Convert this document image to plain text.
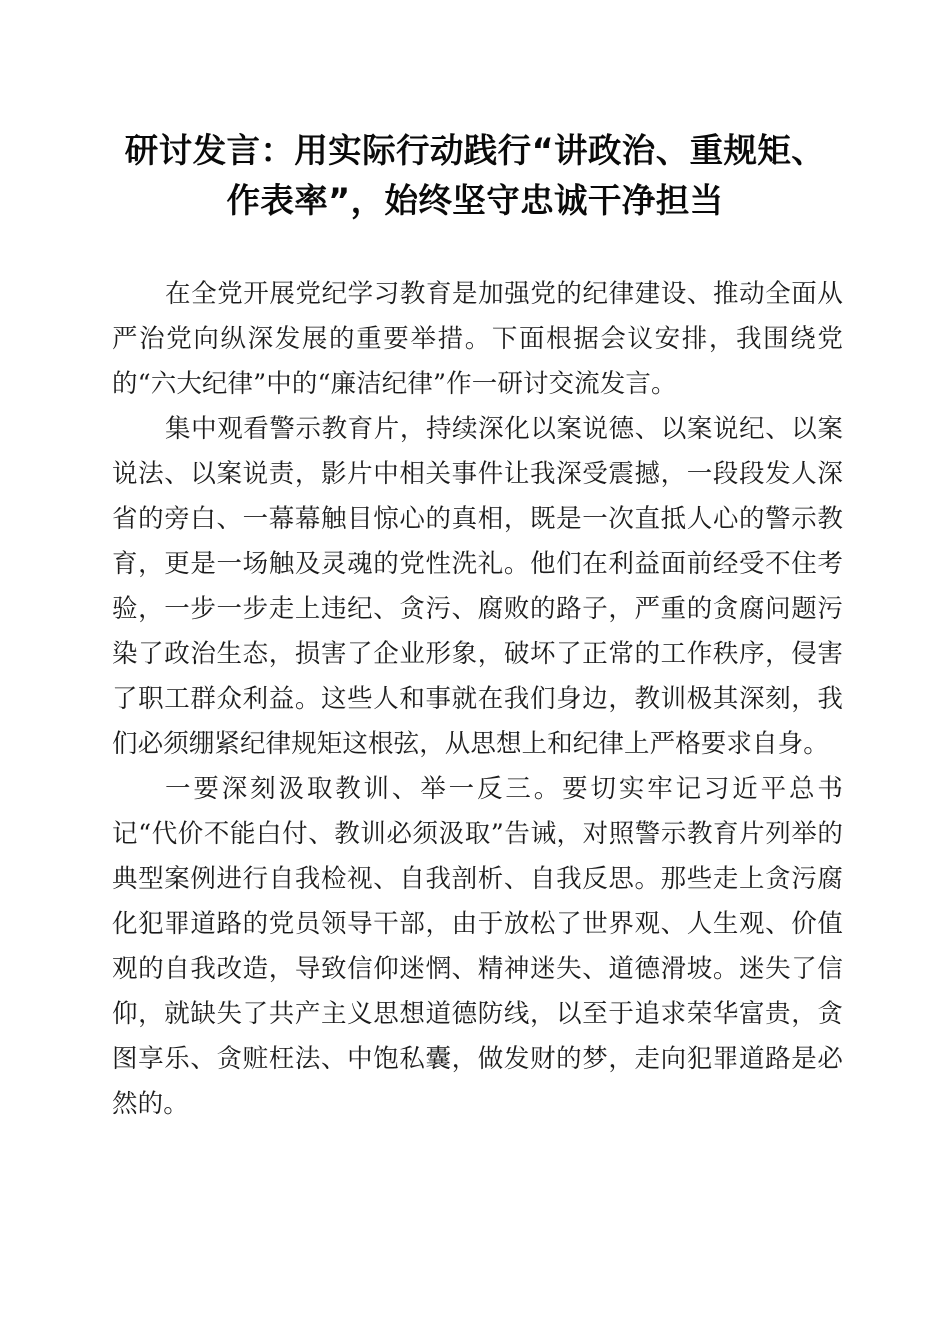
研讨发言：用实际行动践行“讲政治、重规矩、
作表率”，始终坚守忠诚干净担当

在全党开展党纪学习教育是加强党的纪律建设、推动全面从严治党向纵深发展的重要举措。下面根据会议安排，我围绕党的“六大纪律”中的“廉洁纪律”作一研讨交流发言。

集中观看警示教育片，持续深化以案说德、以案说纪、以案说法、以案说责，影片中相关事件让我深受震撼，一段段发人深省的旁白、一幕幕触目惊心的真相，既是一次直抵人心的警示教育，更是一场触及灵魂的党性洗礼。他们在利益面前经受不住考验，一步一步走上违纪、贪污、腐败的路子，严重的贪腐问题污染了政治生态，损害了企业形象，破坏了正常的工作秩序，侵害了职工群众利益。这些人和事就在我们身边，教训极其深刻，我们必须绷紧纪律规矩这根弦，从思想上和纪律上严格要求自身。

一要深刻汲取教训、举一反三。要切实牢记习近平总书记“代价不能白付、教训必须汲取”告诫，对照警示教育片列举的典型案例进行自我检视、自我剖析、自我反思。那些走上贪污腐化犯罪道路的党员领导干部，由于放松了世界观、人生观、价值观的自我改造，导致信仰迷惘、精神迷失、道德滑坡。迷失了信仰，就缺失了共产主义思想道德防线，以至于追求荣华富贵，贪图享乐、贪赃枉法、中饱私囊，做发财的梦，走向犯罪道路是必然的。
